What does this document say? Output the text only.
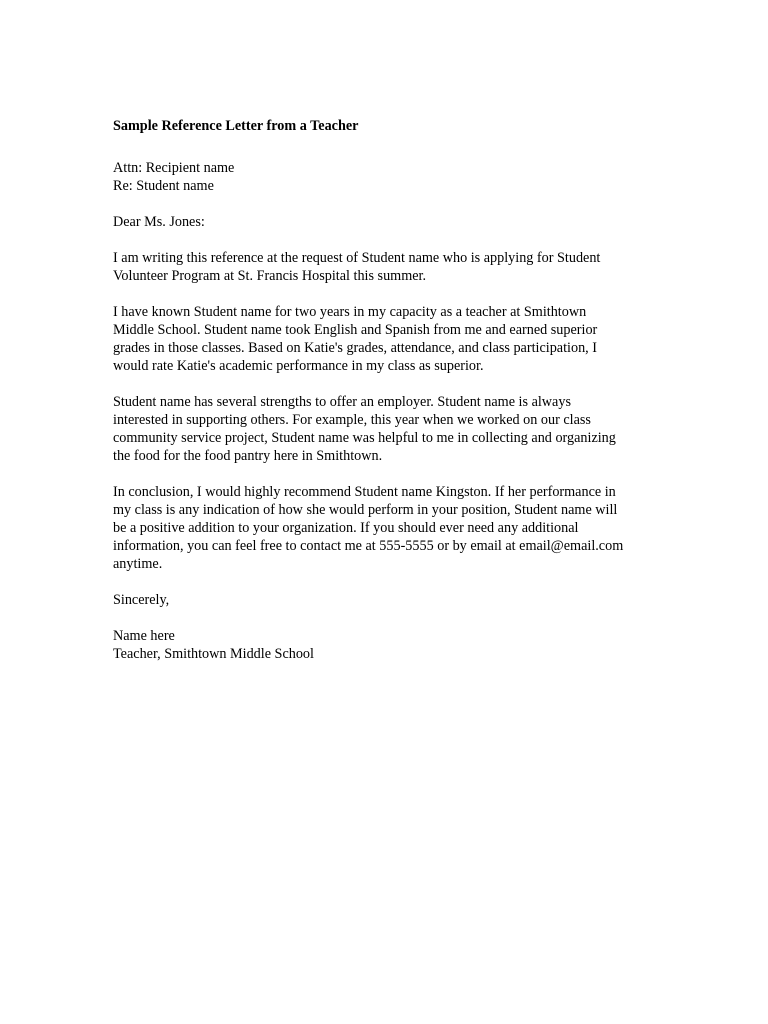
Sample Reference Letter from a Teacher
Attn: Recipient name
Re: Student name
Dear Ms. Jones:
I am writing this reference at the request of Student name who is applying for Student
Volunteer Program at St. Francis Hospital this summer.
I have known Student name for two years in my capacity as a teacher at Smithtown
Middle School. Student name took English and Spanish from me and earned superior
grades in those classes. Based on Katie's grades, attendance, and class participation, I
would rate Katie's academic performance in my class as superior.
Student name has several strengths to offer an employer. Student name is always
interested in supporting others. For example, this year when we worked on our class
community service project, Student name was helpful to me in collecting and organizing
the food for the food pantry here in Smithtown.
In conclusion, I would highly recommend Student name Kingston. If her performance in
my class is any indication of how she would perform in your position, Student name will
be a positive addition to your organization. If you should ever need any additional
information, you can feel free to contact me at 555-5555 or by email at email@email.com
anytime.
Sincerely,
Name here
Teacher, Smithtown Middle School
